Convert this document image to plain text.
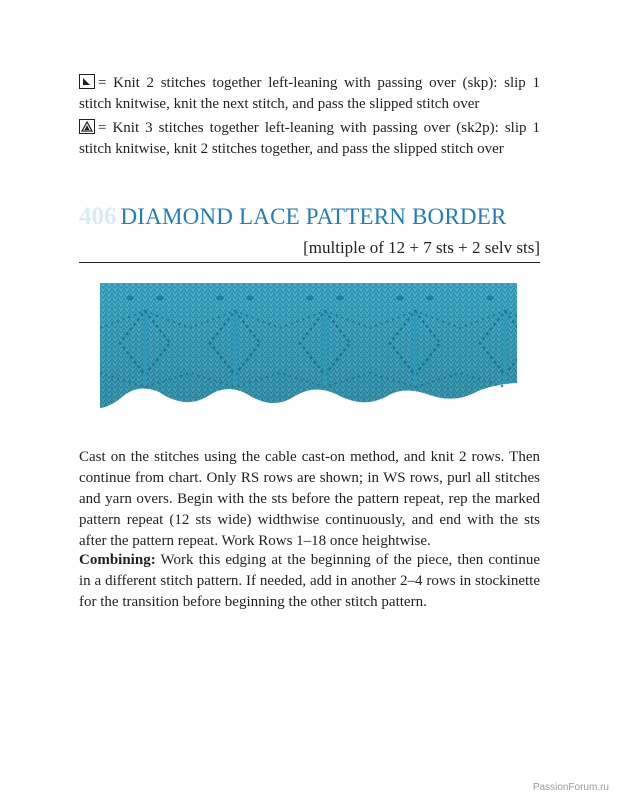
= Knit 2 stitches together left-leaning with passing over (skp): slip 1 stitch knitwise, knit the next stitch, and pass the slipped stitch over
= Knit 3 stitches together left-leaning with passing over (sk2p): slip 1 stitch knitwise, knit 2 stitches together, and pass the slipped stitch over
406 DIAMOND LACE PATTERN BORDER
[multiple of 12 + 7 sts + 2 selv sts]

Cast on the stitches using the cable cast-on method, and knit 2 rows. Then continue from chart. Only RS rows are shown; in WS rows, purl all stitches and yarn overs. Begin with the sts before the pattern repeat, rep the marked pattern repeat (12 sts wide) widthwise continuously, and end with the sts after the pattern repeat. Work Rows 1–18 once heightwise.

Combining: Work this edging at the beginning of the piece, then continue in a different stitch pattern. If needed, add in another 2–4 rows in stockinette for the transition before beginning the other stitch pattern.

PassionForum.ru
